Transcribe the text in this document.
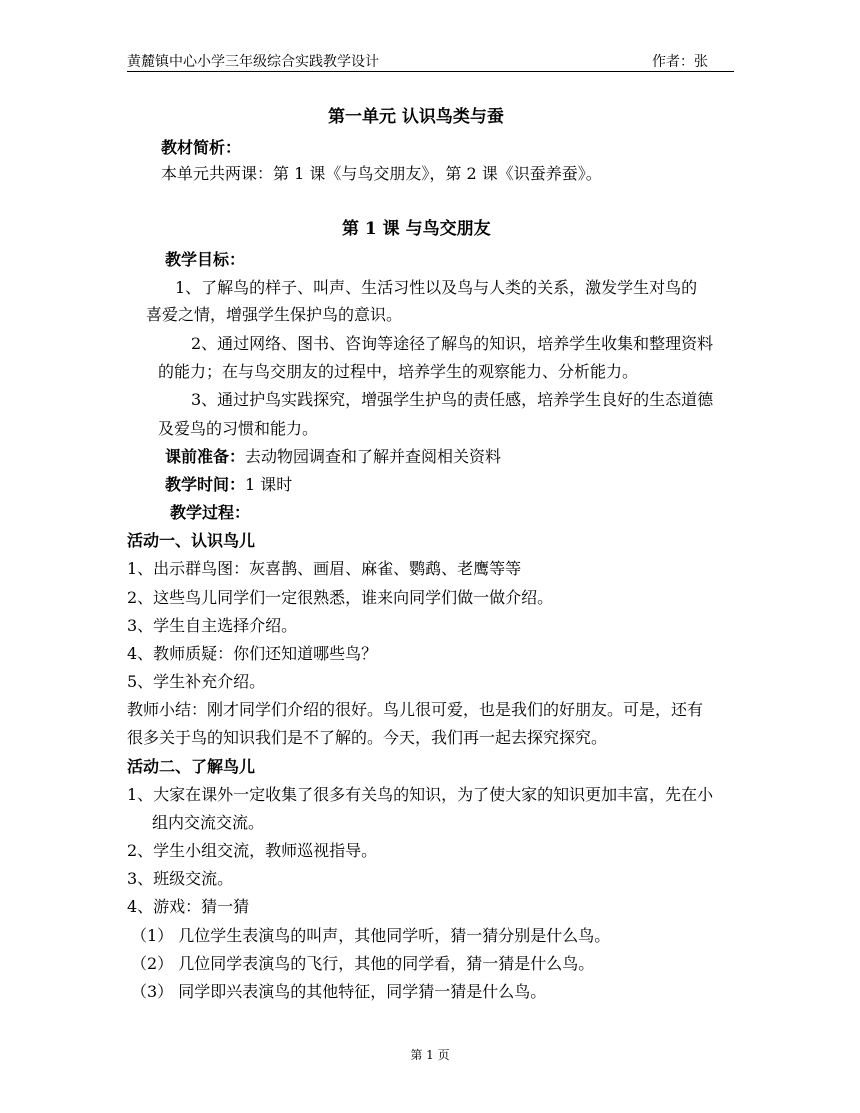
黄麓镇中心小学三年级综合实践教学设计	作者：张
第一单元 认识鸟类与蚕
教材简析：
本单元共两课：第 1 课《与鸟交朋友》，第 2 课《识蚕养蚕》。
第 1 课 与鸟交朋友
教学目标：
1、了解鸟的样子、叫声、生活习性以及鸟与人类的关系，激发学生对鸟的
喜爱之情，增强学生保护鸟的意识。
2、通过网络、图书、咨询等途径了解鸟的知识，培养学生收集和整理资料
的能力；在与鸟交朋友的过程中，培养学生的观察能力、分析能力。
3、通过护鸟实践探究，增强学生护鸟的责任感，培养学生良好的生态道德
及爱鸟的习惯和能力。
课前准备：去动物园调查和了解并查阅相关资料
教学时间：1 课时
教学过程：
活动一、认识鸟儿
1、出示群鸟图：灰喜鹊、画眉、麻雀、鹦鹉、老鹰等等
2、这些鸟儿同学们一定很熟悉，谁来向同学们做一做介绍。
3、学生自主选择介绍。
4、教师质疑：你们还知道哪些鸟？
5、学生补充介绍。
教师小结：刚才同学们介绍的很好。鸟儿很可爱，也是我们的好朋友。可是，还有
很多关于鸟的知识我们是不了解的。今天，我们再一起去探究探究。
活动二、了解鸟儿
1、大家在课外一定收集了很多有关鸟的知识，为了使大家的知识更加丰富，先在小
组内交流交流。
2、学生小组交流，教师巡视指导。
3、班级交流。
4、游戏：猜一猜
（1） 几位学生表演鸟的叫声，其他同学听，猜一猜分别是什么鸟。
（2） 几位同学表演鸟的飞行，其他的同学看，猜一猜是什么鸟。
（3） 同学即兴表演鸟的其他特征，同学猜一猜是什么鸟。
第 1 页
